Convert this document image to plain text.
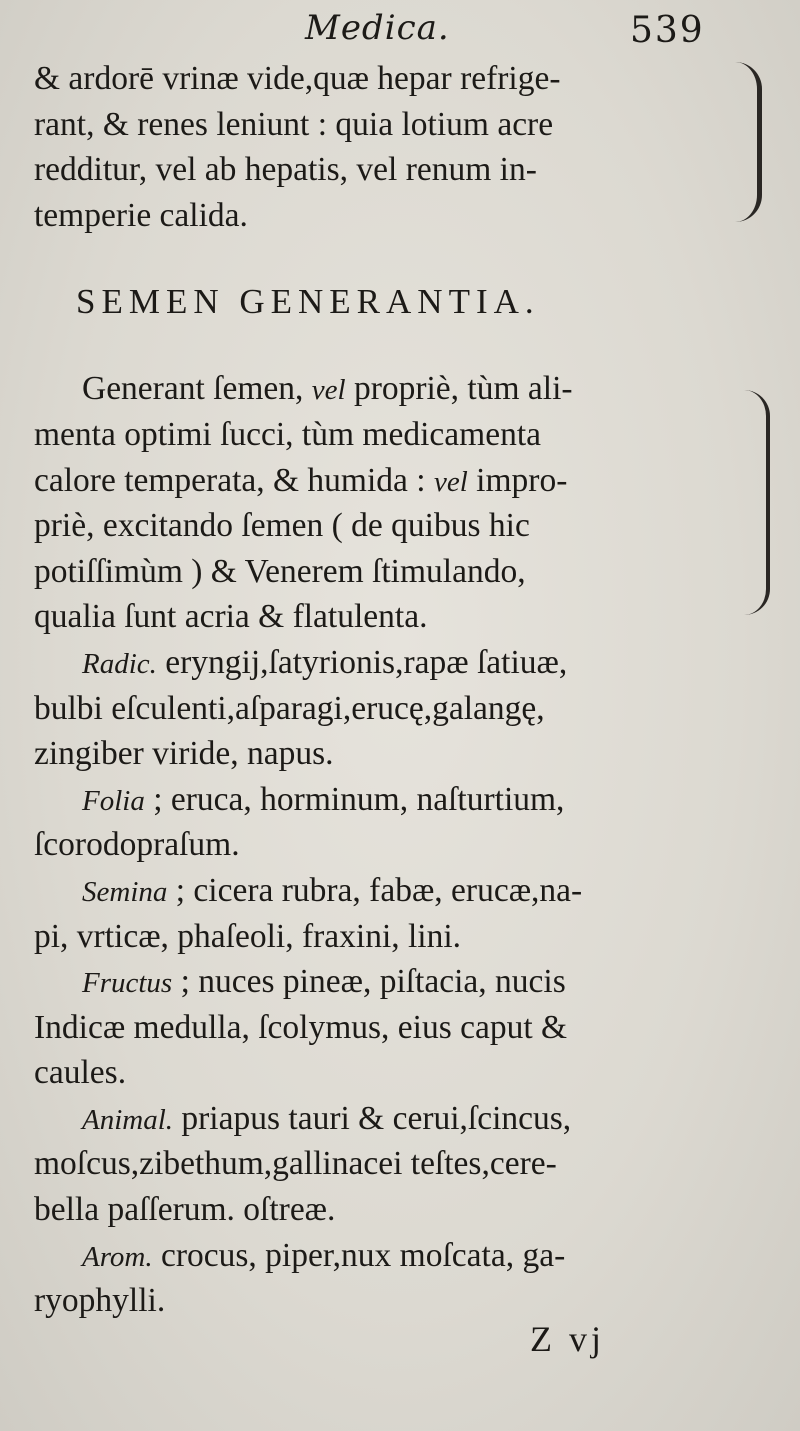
Medica.	539
& ardorē vrinæ vide,quæ hepar refrige-
rant, & renes leniunt : quia lotium acre
redditur, vel ab hepatis, vel renum in-
temperie calida.
SEMEN GENERANTIA.
Generant ſemen, vel propriè, tùm ali-
menta optimi ſucci, tùm medicamenta
calore temperata, & humida : vel impro-
priè, excitando ſemen ( de quibus hic
potiſſimùm ) & Venerem ſtimulando,
qualia ſunt acria & flatulenta.
Radic. eryngij,ſatyrionis,rapæ ſatiuæ,
bulbi eſculenti,aſparagi,erucę,galangę,
zingiber viride, napus.
Folia ; eruca, horminum, naſturtium,
ſcorodopraſum.
Semina ; cicera rubra, fabæ, erucæ,na-
pi, vrticæ, phaſeoli, fraxini, lini.
Fructus ; nuces pineæ, piſtacia, nucis
Indicæ medulla, ſcolymus, eius caput &
caules.
Animal. priapus tauri & cerui,ſcincus,
moſcus,zibethum,gallinacei teſtes,cere-
bella paſſerum. oſtreæ.
Arom. crocus, piper,nux moſcata, ga-
ryophylli.
Z vj
